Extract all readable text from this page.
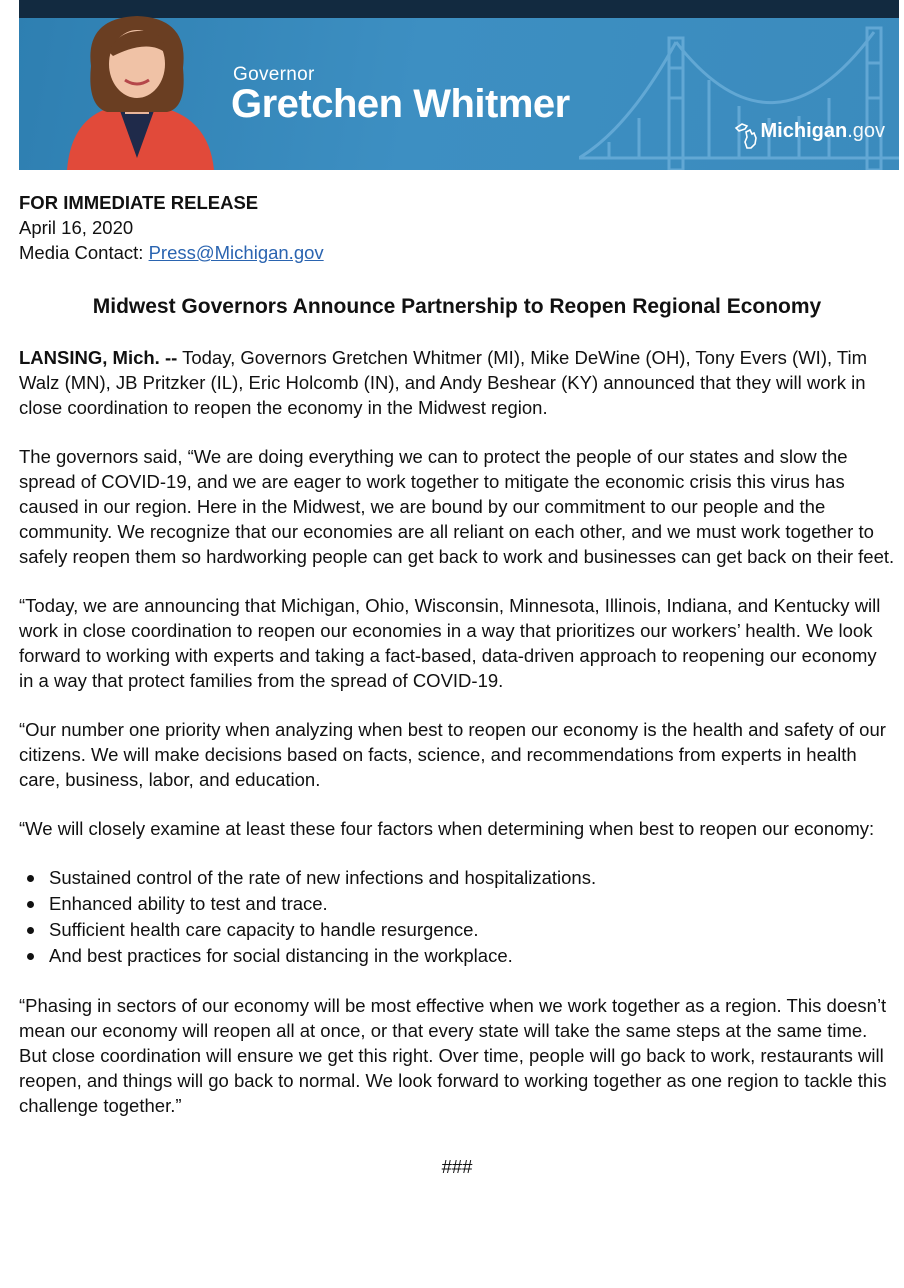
Governor
Gretchen Whitmer
Michigan .gov
FOR IMMEDIATE RELEASE
April 16, 2020
Media Contact: Press@Michigan.gov
Midwest Governors Announce Partnership to Reopen Regional Economy

LANSING, Mich. -- Today, Governors Gretchen Whitmer (MI), Mike DeWine (OH), Tony Evers (WI), Tim Walz (MN), JB Pritzker (IL), Eric Holcomb (IN), and Andy Beshear (KY) announced that they will work in close coordination to reopen the economy in the Midwest region.

The governors said, “We are doing everything we can to protect the people of our states and slow the spread of COVID-19, and we are eager to work together to mitigate the economic crisis this virus has caused in our region. Here in the Midwest, we are bound by our commitment to our people and the community. We recognize that our economies are all reliant on each other, and we must work together to safely reopen them so hardworking people can get back to work and businesses can get back on their feet.

“Today, we are announcing that Michigan, Ohio, Wisconsin, Minnesota, Illinois, Indiana, and Kentucky will work in close coordination to reopen our economies in a way that prioritizes our workers’ health. We look forward to working with experts and taking a fact-based, data-driven approach to reopening our economy in a way that protect families from the spread of COVID-19.

“Our number one priority when analyzing when best to reopen our economy is the health and safety of our citizens. We will make decisions based on facts, science, and recommendations from experts in health care, business, labor, and education.

“We will closely examine at least these four factors when determining when best to reopen our economy:

Sustained control of the rate of new infections and hospitalizations.
Enhanced ability to test and trace.
Sufficient health care capacity to handle resurgence.
And best practices for social distancing in the workplace.

“Phasing in sectors of our economy will be most effective when we work together as a region. This doesn’t mean our economy will reopen all at once, or that every state will take the same steps at the same time. But close coordination will ensure we get this right. Over time, people will go back to work, restaurants will reopen, and things will go back to normal. We look forward to working together as one region to tackle this challenge together.”

###
